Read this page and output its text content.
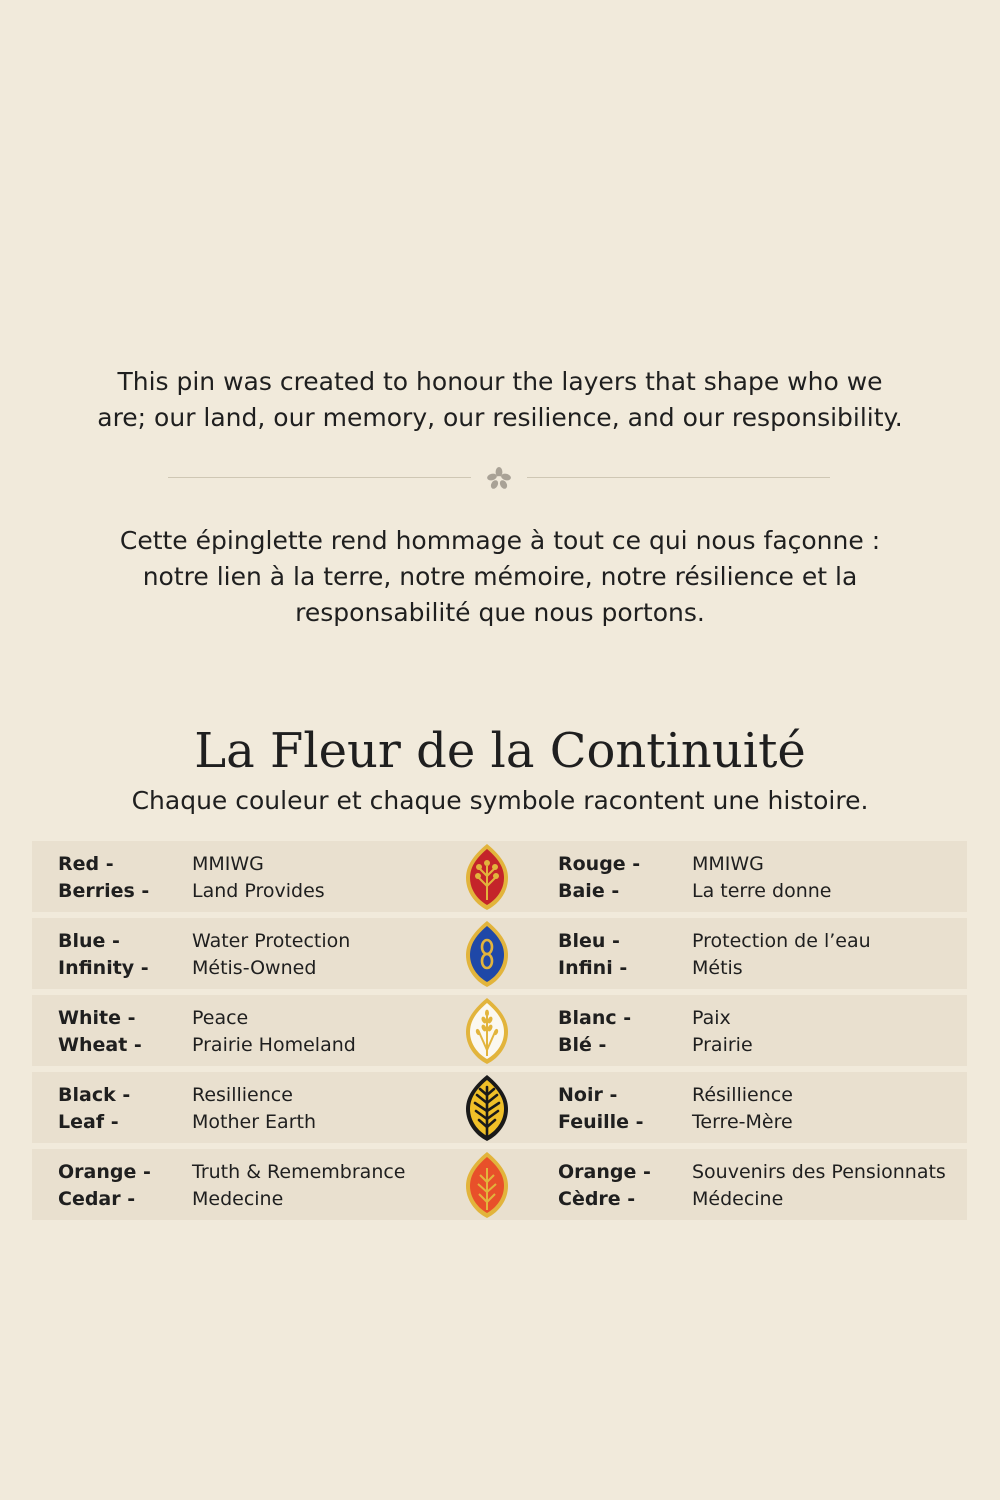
This pin was created to honour the layers that shape who we
are; our land, our memory, our resilience, and our responsibility.

Cette épinglette rend hommage à tout ce qui nous façonne :
notre lien à la terre, notre mémoire, notre résilience et la
responsabilité que nous portons.

La Fleur de la Continuité

Chaque couleur et chaque symbole racontent une histoire.

Red -
Berries -
MMIWG
Land Provides
Rouge -
Baie -
MMIWG
La terre donne
Blue -
Infinity -
Water Protection
Métis-Owned
Bleu -
Infini -
Protection de l’eau
Métis
White -
Wheat -
Peace
Prairie Homeland
Blanc -
Blé -
Paix
Prairie
Black -
Leaf -
Resillience
Mother Earth
Noir -
Feuille -
Résillience
Terre-Mère
Orange -
Cedar -
Truth & Remembrance
Medecine
Orange -
Cèdre -
Souvenirs des Pensionnats
Médecine
